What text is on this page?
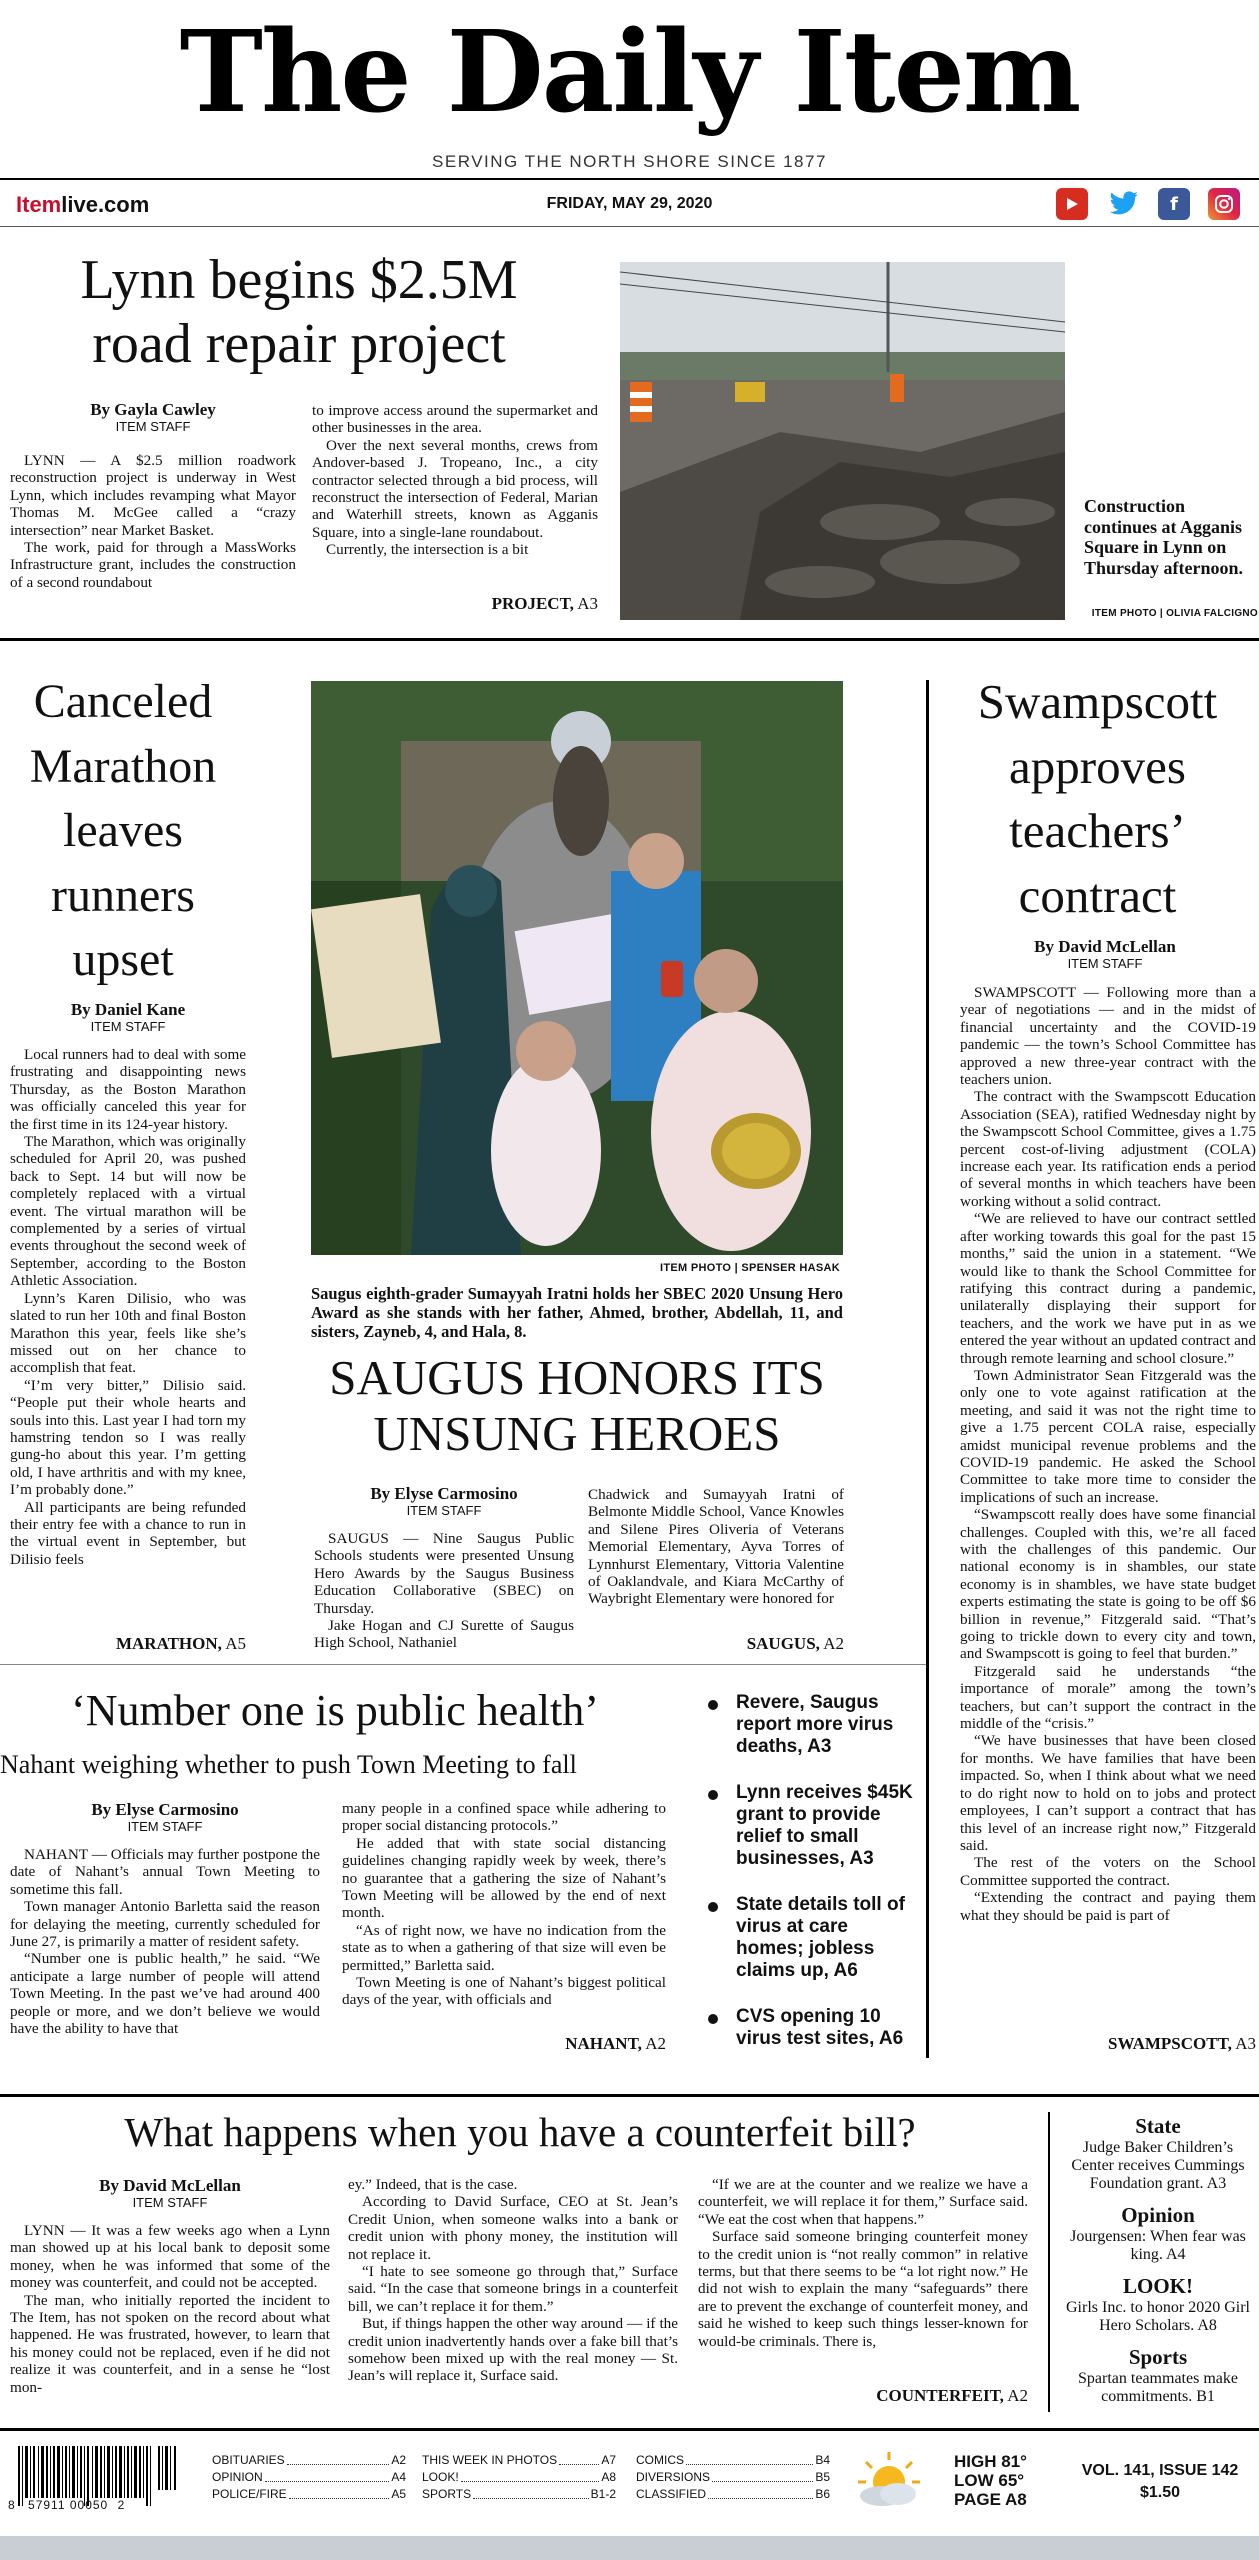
The Daily Item
SERVING THE NORTH SHORE SINCE 1877
Itemlive.com	FRIDAY, MAY 29, 2020	f
Lynn begins $2.5M
road repair project
By Gayla Cawley
ITEM STAFF

LYNN — A $2.5 million roadwork reconstruction project is underway in West Lynn, which includes revamping what Mayor Thomas M. McGee called a “crazy intersection” near Market Basket.

The work, paid for through a MassWorks Infrastructure grant, includes the construction of a second roundabout

to improve access around the supermarket and other businesses in the area.

Over the next several months, crews from Andover-based J. Tropeano, Inc., a city contractor selected through a bid process, will reconstruct the intersection of Federal, Marian and Waterhill streets, known as Agganis Square, into a single-lane roundabout.

Currently, the intersection is a bit

PROJECT, A3
Construction continues at Agganis Square in Lynn on Thursday afternoon.
ITEM PHOTO | OLIVIA FALCIGNO
Canceled
Marathon
leaves
runners
upset
By Daniel Kane
ITEM STAFF

Local runners had to deal with some frustrating and disappointing news Thursday, as the Boston Marathon was officially canceled this year for the first time in its 124-year history.

The Marathon, which was originally scheduled for April 20, was pushed back to Sept. 14 but will now be completely replaced with a virtual event. The virtual marathon will be complemented by a series of virtual events throughout the second week of September, according to the Boston Athletic Association.

Lynn’s Karen Dilisio, who was slated to run her 10th and final Boston Marathon this year, feels like she’s missed out on her chance to accomplish that feat.

“I’m very bitter,” Dilisio said. “People put their whole hearts and souls into this. Last year I had torn my hamstring tendon so I was really gung-ho about this year. I’m getting old, I have arthritis and with my knee, I’m probably done.”

All participants are being refunded their entry fee with a chance to run in the virtual event in September, but Dilisio feels

MARATHON, A5
ITEM PHOTO | SPENSER HASAK
Saugus eighth-grader Sumayyah Iratni holds her SBEC 2020 Unsung Hero Award as she stands with her father, Ahmed, brother, Abdellah, 11, and sisters, Zayneb, 4, and Hala, 8.
SAUGUS HONORS ITS
UNSUNG HEROES
By Elyse Carmosino
ITEM STAFF

SAUGUS — Nine Saugus Public Schools students were presented Unsung Hero Awards by the Saugus Business Education Collaborative (SBEC) on Thursday.

Jake Hogan and CJ Surette of Saugus High School, Nathaniel

Chadwick and Sumayyah Iratni of Belmonte Middle School, Vance Knowles and Silene Pires Oliveria of Veterans Memorial Elementary, Ayva Torres of Lynnhurst Elementary, Vittoria Valentine of Oaklandvale, and Kiara McCarthy of Waybright Elementary were honored for

SAUGUS, A2
Swampscott
approves
teachers’
contract
By David McLellan
ITEM STAFF

SWAMPSCOTT — Following more than a year of negotiations — and in the midst of financial uncertainty and the COVID-19 pandemic — the town’s School Committee has approved a new three-year contract with the teachers union.

The contract with the Swampscott Education Association (SEA), ratified Wednesday night by the Swampscott School Committee, gives a 1.75 percent cost-of-living adjustment (COLA) increase each year. Its ratification ends a period of several months in which teachers have been working without a solid contract.

“We are relieved to have our contract settled after working towards this goal for the past 15 months,” said the union in a statement. “We would like to thank the School Committee for ratifying this contract during a pandemic, unilaterally displaying their support for teachers, and the work we have put in as we entered the year without an updated contract and through remote learning and school closure.”

Town Administrator Sean Fitzgerald was the only one to vote against ratification at the meeting, and said it was not the right time to give a 1.75 percent COLA raise, especially amidst municipal revenue problems and the COVID-19 pandemic. He asked the School Committee to take more time to consider the implications of such an increase.

“Swampscott really does have some financial challenges. Coupled with this, we’re all faced with the challenges of this pandemic. Our national economy is in shambles, our state economy is in shambles, we have state budget experts estimating the state is going to be off $6 billion in revenue,” Fitzgerald said. “That’s going to trickle down to every city and town, and Swampscott is going to feel that burden.”

Fitzgerald said he understands “the importance of morale” among the town’s teachers, but can’t support the contract in the middle of the “crisis.”

“We have businesses that have been closed for months. We have families that have been impacted. So, when I think about what we need to do right now to hold on to jobs and protect employees, I can’t support a contract that has this level of an increase right now,” Fitzgerald said.

The rest of the voters on the School Committee supported the contract.

“Extending the contract and paying them what they should be paid is part of

SWAMPSCOTT, A3
‘Number one is public health’
Nahant weighing whether to push Town Meeting to fall
By Elyse Carmosino
ITEM STAFF

NAHANT — Officials may further postpone the date of Nahant’s annual Town Meeting to sometime this fall.

Town manager Antonio Barletta said the reason for delaying the meeting, currently scheduled for June 27, is primarily a matter of resident safety.

“Number one is public health,” he said. “We anticipate a large number of people will attend Town Meeting. In the past we’ve had around 400 people or more, and we don’t believe we would have the ability to have that

many people in a confined space while adhering to proper social distancing protocols.”

He added that with state social distancing guidelines changing rapidly week by week, there’s no guarantee that a gathering the size of Nahant’s Town Meeting will be allowed by the end of next month.

“As of right now, we have no indication from the state as to when a gathering of that size will even be permitted,” Barletta said.

Town Meeting is one of Nahant’s biggest political days of the year, with officials and

NAHANT, A2
Revere, Saugus report more virus deaths, A3
Lynn receives $45K grant to provide relief to small businesses, A3
State details toll of virus at care homes; jobless claims up, A6
CVS opening 10 virus test sites, A6
What happens when you have a counterfeit bill?
By David McLellan
ITEM STAFF

LYNN — It was a few weeks ago when a Lynn man showed up at his local bank to deposit some money, when he was informed that some of the money was counterfeit, and could not be accepted.

The man, who initially reported the incident to The Item, has not spoken on the record about what happened. He was frustrated, however, to learn that his money could not be replaced, even if he did not realize it was counterfeit, and in a sense he “lost mon-

ey.” Indeed, that is the case.

According to David Surface, CEO at St. Jean’s Credit Union, when someone walks into a bank or credit union with phony money, the institution will not replace it.

“I hate to see someone go through that,” Surface said. “In the case that someone brings in a counterfeit bill, we can’t replace it for them.”

But, if things happen the other way around — if the credit union inadvertently hands over a fake bill that’s somehow been mixed up with the real money — St. Jean’s will replace it, Surface said.

“If we are at the counter and we realize we have a counterfeit, we will replace it for them,” Surface said. “We eat the cost when that happens.”

Surface said someone bringing counterfeit money to the credit union is “not really common” in relative terms, but that there seems to be “a lot right now.” He did not wish to explain the many “safeguards” there are to prevent the exchange of counterfeit money, and said he wished to keep such things lesser-known for would-be criminals. There is,

COUNTERFEIT, A2
State
Judge Baker Children’s Center receives Cummings Foundation grant. A3
Opinion
Jourgensen: When fear was king. A4
LOOK!
Girls Inc. to honor 2020 Girl Hero Scholars. A8
Sports
Spartan teammates make commitments. B1
8 57911 00050 2
OBITUARIES	A2
OPINION	A4
POLICE/FIRE	A5
THIS WEEK IN PHOTOS	A7
LOOK!	A8
SPORTS	B1-2
COMICS	B4
DIVERSIONS	B5
CLASSIFIED	B6
HIGH 81°
LOW 65°
PAGE A8
VOL. 141, ISSUE 142
$1.50
